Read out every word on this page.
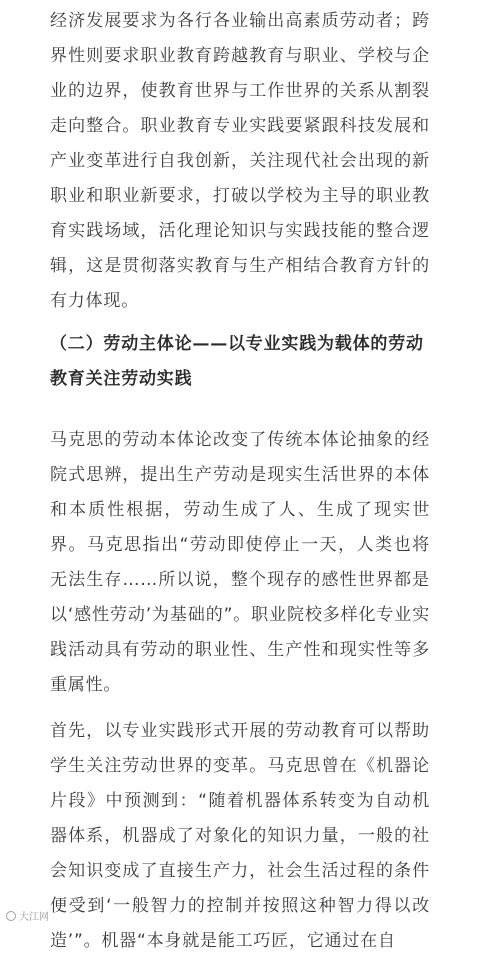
经济发展要求为各行各业输出高素质劳动者；跨界性则要求职业教育跨越教育与职业、学校与企业的边界，使教育世界与工作世界的关系从割裂走向整合。职业教育专业实践要紧跟科技发展和产业变革进行自我创新，关注现代社会出现的新职业和职业新要求，打破以学校为主导的职业教育实践场域，活化理论知识与实践技能的整合逻辑，这是贯彻落实教育与生产相结合教育方针的有力体现。

（二）劳动主体论——以专业实践为载体的劳动教育关注劳动实践

马克思的劳动本体论改变了传统本体论抽象的经院式思辨，提出生产劳动是现实生活世界的本体和本质性根据，劳动生成了人、生成了现实世界。马克思指出“劳动即使停止一天，人类也将无法生存……所以说，整个现存的感性世界都是以‘感性劳动’为基础的”。职业院校多样化专业实践活动具有劳动的职业性、生产性和现实性等多重属性。

首先，以专业实践形式开展的劳动教育可以帮助学生关注劳动世界的变革。马克思曾在《机器论片段》中预测到：“随着机器体系转变为自动机器体系，机器成了对象化的知识力量，一般的社会知识变成了直接生产力，社会生活过程的条件便受到‘一般智力的控制并按照这种智力得以改造’”。机器“本身就是能工巧匠，它通过在自

大江网
